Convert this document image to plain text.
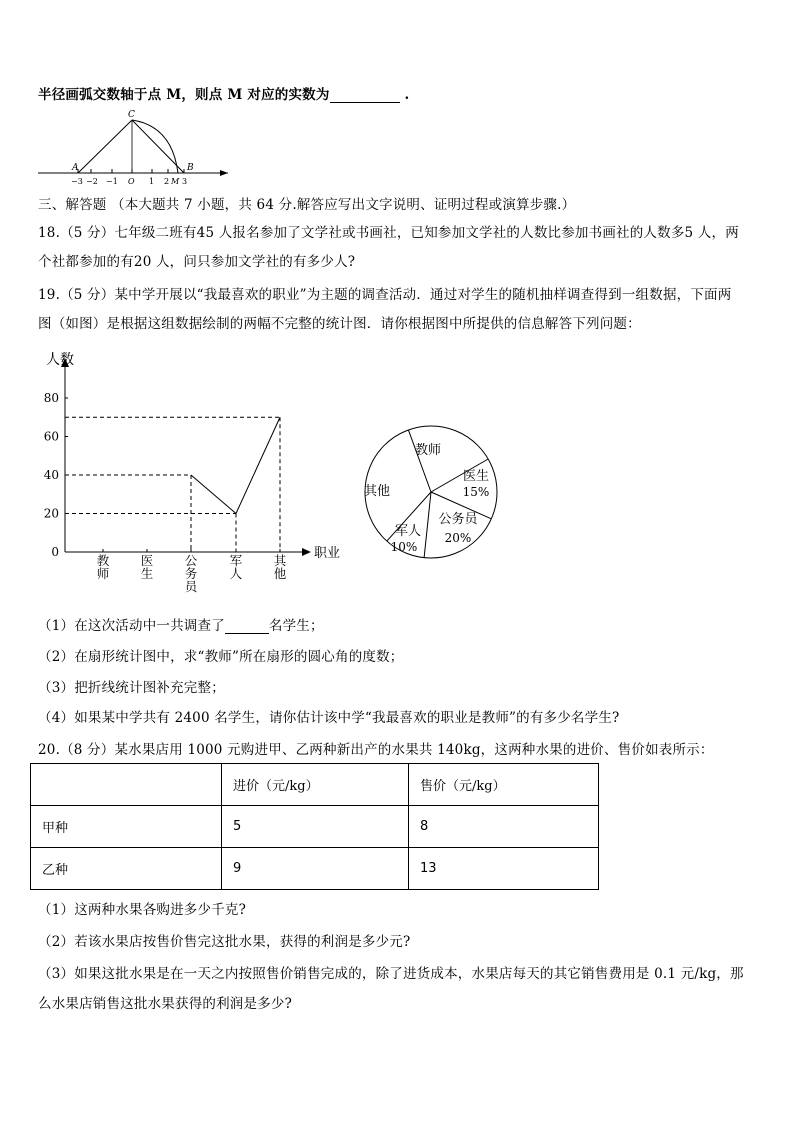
半径画弧交数轴于点 M，则点 M 对应的实数为	.
C
A	B
−3 −2 −1 O 1 2 M 3
三、解答题 （本大题共 7 小题，共 64 分.解答应写出文字说明、证明过程或演算步骤.）
18.（5 分）七年级二班有45 人报名参加了文学社或书画社，已知参加文学社的人数比参加书画社的人数多5 人，两
个社都参加的有20 人，问只参加文学社的有多少人?
19.（5 分）某中学开展以“我最喜欢的职业”为主题的调查活动．通过对学生的随机抽样调查得到一组数据，下面两
图（如图）是根据这组数据绘制的两幅不完整的统计图．请你根据图中所提供的信息解答下列问题：
人数
职业
0
20
40
60
80
教师
医生
公务员
军人
其他
教师
医生
15%
公务员
20%
军人
10%
其他
（1）在这次活动中一共调查了	名学生；
（2）在扇形统计图中，求“教师”所在扇形的圆心角的度数；
（3）把折线统计图补充完整；
（4）如果某中学共有 2400 名学生，请你估计该中学“我最喜欢的职业是教师”的有多少名学生?
20.（8 分）某水果店用 1000 元购进甲、乙两种新出产的水果共 140kg，这两种水果的进价、售价如表所示：
	进价（元/kg）	售价（元/kg）
甲种	5	8
乙种	9	13
（1）这两种水果各购进多少千克?
（2）若该水果店按售价售完这批水果，获得的利润是多少元?
（3）如果这批水果是在一天之内按照售价销售完成的，除了进货成本，水果店每天的其它销售费用是 0.1 元/kg，那
么水果店销售这批水果获得的利润是多少?
